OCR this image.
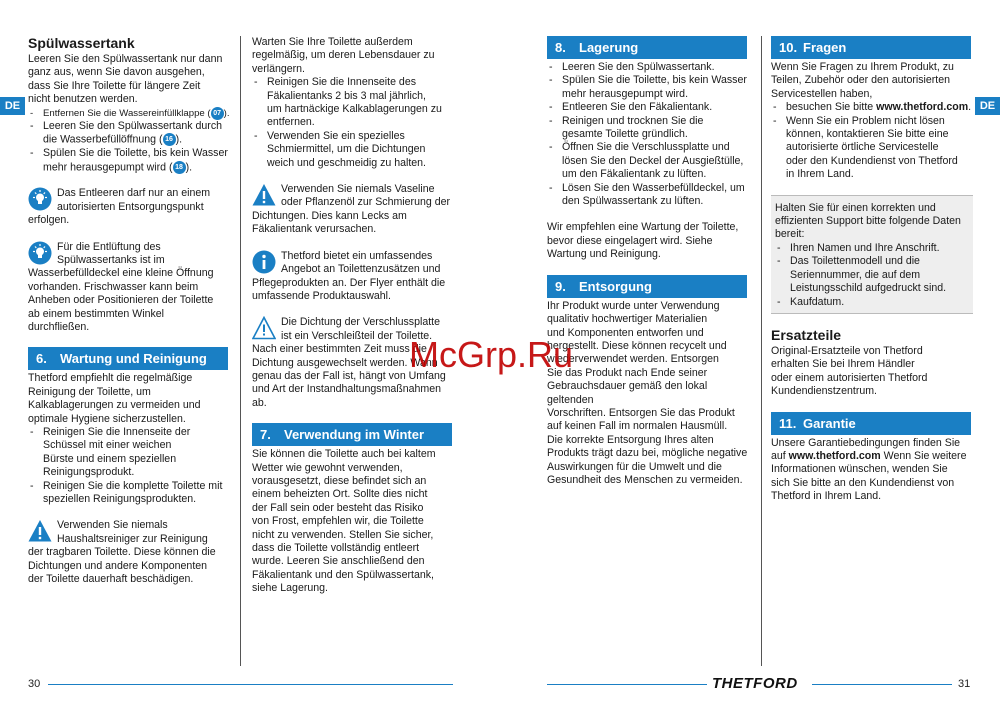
DE	DE
Spülwassertank

Leeren Sie den Spülwassertank nur dann

ganz aus, wenn Sie davon ausgehen,

dass Sie Ihre Toilette für längere Zeit

nicht benutzen werden.

- Entfernen Sie die Wassereinfüllklappe ( 07 ).

- Leeren Sie den Spülwassertank durch

die Wasserbefüllöffnung ( 16 ).

- Spülen Sie die Toilette, bis kein Wasser

mehr herausgepumpt wird ( 18 ).

Das Entleeren darf nur an einem

autorisierten Entsorgungspunkt

erfolgen.

Für die Entlüftung des

Spülwassertanks ist im

Wasserbefülldeckel eine kleine Öffnung

vorhanden. Frischwasser kann beim

Anheben oder Positionieren der Toilette

ab einem bestimmten Winkel

durchfließen.

6. Wartung und Reinigung

Thetford empfiehlt die regelmäßige

Reinigung der Toilette, um

Kalkablagerungen zu vermeiden und

optimale Hygiene sicherzustellen.

- Reinigen Sie die Innenseite der

Schüssel mit einer weichen

Bürste und einem speziellen

Reinigungsprodukt.

- Reinigen Sie die komplette Toilette mit

speziellen Reinigungsprodukten.

Verwenden Sie niemals

Haushaltsreiniger zur Reinigung

der tragbaren Toilette. Diese können die

Dichtungen und andere Komponenten

der Toilette dauerhaft beschädigen.

Warten Sie Ihre Toilette außerdem

regelmäßig, um deren Lebensdauer zu

verlängern.

- Reinigen Sie die Innenseite des

Fäkalientanks 2 bis 3 mal jährlich,

um hartnäckige Kalkablagerungen zu

entfernen.

- Verwenden Sie ein spezielles

Schmiermittel, um die Dichtungen

weich und geschmeidig zu halten.

Verwenden Sie niemals Vaseline

oder Pflanzenöl zur Schmierung der

Dichtungen. Dies kann Lecks am

Fäkalientank verursachen.

Thetford bietet ein umfassendes

Angebot an Toilettenzusätzen und

Pflegeprodukten an. Der Flyer enthält die

umfassende Produktauswahl.

Die Dichtung der Verschlussplatte

ist ein Verschleißteil der Toilette.

Nach einer bestimmten Zeit muss die

Dichtung ausgewechselt werden. Wann

genau das der Fall ist, hängt von Umfang

und Art der Instandhaltungsmaßnahmen

ab.

7. Verwendung im Winter

Sie können die Toilette auch bei kaltem

Wetter wie gewohnt verwenden,

vorausgesetzt, diese befindet sich an

einem beheizten Ort. Sollte dies nicht

der Fall sein oder besteht das Risiko

von Frost, empfehlen wir, die Toilette

nicht zu verwenden. Stellen Sie sicher,

dass die Toilette vollständig entleert

wurde. Leeren Sie anschließend den

Fäkalientank und den Spülwassertank,

siehe Lagerung.

8. Lagerung

- Leeren Sie den Spülwassertank.

- Spülen Sie die Toilette, bis kein Wasser

mehr herausgepumpt wird.

- Entleeren Sie den Fäkalientank.

- Reinigen und trocknen Sie die

gesamte Toilette gründlich.

- Öffnen Sie die Verschlussplatte und

lösen Sie den Deckel der Ausgießtülle,

um den Fäkalientank zu lüften.

- Lösen Sie den Wasserbefülldeckel, um

den Spülwassertank zu lüften.

Wir empfehlen eine Wartung der Toilette,

bevor diese eingelagert wird. Siehe

Wartung und Reinigung.

9. Entsorgung

Ihr Produkt wurde unter Verwendung

qualitativ hochwertiger Materialien

und Komponenten entworfen und

hergestellt. Diese können recycelt und

wiederverwendet werden. Entsorgen

Sie das Produkt nach Ende seiner

Gebrauchsdauer gemäß den lokal geltenden

Vorschriften. Entsorgen Sie das Produkt

auf keinen Fall im normalen Hausmüll.

Die korrekte Entsorgung Ihres alten

Produkts trägt dazu bei, mögliche negative

Auswirkungen für die Umwelt und die

Gesundheit des Menschen zu vermeiden.

10. Fragen

Wenn Sie Fragen zu Ihrem Produkt, zu

Teilen, Zubehör oder den autorisierten

Servicestellen haben,

- besuchen Sie bitte www.thetford.com.

- Wenn Sie ein Problem nicht lösen

können, kontaktieren Sie bitte eine

autorisierte örtliche Servicestelle

oder den Kundendienst von Thetford

in Ihrem Land.

Halten Sie für einen korrekten und

effizienten Support bitte folgende Daten

bereit:

- Ihren Namen und Ihre Anschrift.

- Das Toilettenmodell und die

Seriennummer, die auf dem

Leistungsschild aufgedruckt sind.

- Kaufdatum.

Ersatzteile

Original-Ersatzteile von Thetford

erhalten Sie bei Ihrem Händler

oder einem autorisierten Thetford

Kundendienstzentrum.

11. Garantie

Unsere Garantiebedingungen finden Sie

auf www.thetford.com Wenn Sie weitere

Informationen wünschen, wenden Sie

sich Sie bitte an den Kundendienst von

Thetford in Ihrem Land.

McGrp.Ru
30	THETFORD	31
